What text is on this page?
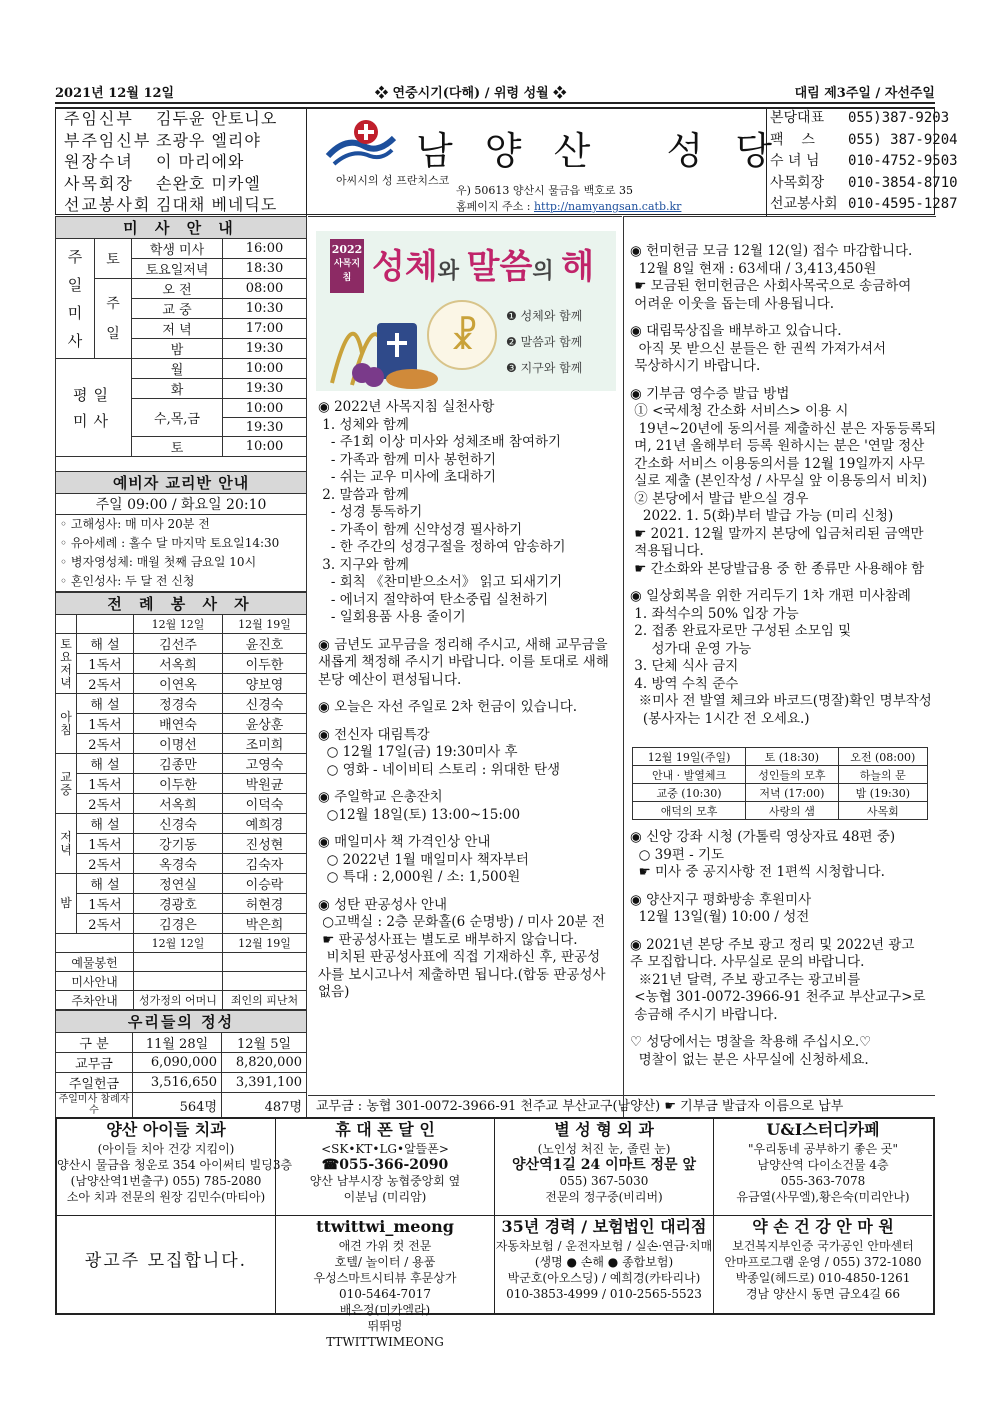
2021년 12월 12일	❖ 연중시기(다해) / 위령 성월 ❖	대림 제3주일 / 자선주일
주임신부 김두윤 안토니오
부주임신부 조광우 엘리야
원장수녀 이 마리에와
사목회장 손완호 미카엘
선교봉사회 김대채 베네딕도
남 양 산   성 당
아씨시의 성 프란치스코
우) 50613 양산시 물금읍 백호로 35
홈페이지 주소 : http://namyangsan.catb.kr
본당대표 055)387-9203
팩    스 055) 387-9204
수 녀 님 010-4752-9503
사목회장 010-3854-8710
선교봉사회 010-4595-1287
미 사 안 내			
주
일
미
사	토	학생 미사	16:00
		토요일저녁	18:30
	주
일	오 전	08:00
		교 중	10:30
		저 녁	17:00
		밤	19:30
평일
미사		월	10:00
		화	19:30
		수,목,금	10:00
			19:30
		토	10:00
예비자 교리반 안내
주일 09:00 / 화요일 20:10

◦ 고해성사: 매 미사 20분 전
◦ 유아세례 : 홀수 달 마지막 토요일14:30
◦ 병자영성체: 매월 첫째 금요일 10시
◦ 혼인성사: 두 달 전 신청
전 례 봉 사 자			
		12월 12일	12월 19일
토요저녁	해 설	김선주	윤진호
	1독서	서옥희	이두한
	2독서	이연옥	양보영
아침	해 설	정경숙	신경숙
	1독서	배연숙	윤상훈
	2독서	이명선	조미희
교중	해 설	김종만	고영숙
	1독서	이두한	박원균
	2독서	서옥희	이덕숙
저녁	해 설	신경숙	예희경
	1독서	강기동	진성현
	2독서	옥경숙	김숙자
밤	해 설	정연실	이승락
	1독서	경광호	허현경
	2독서	김경은	박은희
		12월 12일	12월 19일
예물봉헌			
미사안내			
주차안내		성가정의 어머니	죄인의 피난처
우리들의 정성		
구 분	11월 28일	12월 5일
교무금	6,090,000	8,820,000
주일헌금	3,516,650	3,391,100
주일미사 참례자수	564명	487명
2022
사목지침 성체와 말씀의 해
☧
❶ 성체와 함께
❷ 말씀과 함께
❸ 지구와 함께

◉ 2022년 사목지침 실천사항

1. 성체와 함께

- 주1회 이상 미사와 성체조배 참여하기

- 가족과 함께 미사 봉헌하기

- 쉬는 교우 미사에 초대하기

2. 말씀과 함께

- 성경 통독하기

- 가족이 함께 신약성경 필사하기

- 한 주간의 성경구절을 정하여 암송하기

3. 지구와 함께

- 회칙 《찬미받으소서》 읽고 되새기기

- 에너지 절약하여 탄소중립 실천하기

- 일회용품 사용 줄이기

◉ 금년도 교무금을 정리해 주시고, 새해 교무금을

새롭게 책정해 주시기 바랍니다. 이를 토대로 새해

본당 예산이 편성됩니다.

◉ 오늘은 자선 주일로 2차 헌금이 있습니다.

◉ 전신자 대림특강

○ 12월 17일(금) 19:30미사 후

○ 영화 - 네이비티 스토리 : 위대한 탄생

◉ 주일학교 은총잔치

○12월 18일(토) 13:00~15:00

◉ 매일미사 책 가격인상 안내

○ 2022년 1월 매일미사 책자부터

○ 특대 : 2,000원 / 소: 1,500원

◉ 성탄 판공성사 안내

○고백실 : 2층 문화홀(6 순명방) / 미사 20분 전

☛ 판공성사표는 별도로 배부하지 않습니다.

비치된 판공성사표에 직접 기재하신 후, 판공성

사를 보시고나서 제출하면 됩니다.(합동 판공성사

없음)

◉ 헌미헌금 모금 12월 12(일) 접수 마감합니다.

12월 8일 현재 : 63세대 / 3,413,450원

☛ 모금된 헌미헌금은 사회사목국으로 송금하여

어려운 이웃을 돕는데 사용됩니다.

◉ 대림묵상집을 배부하고 있습니다.

아직 못 받으신 분들은 한 권씩 가져가셔서

묵상하시기 바랍니다.

◉ 기부금 영수증 발급 방법

① <국세청 간소화 서비스> 이용 시

19년~20년에 동의서를 제출하신 분은 자동등록되

며, 21년 올해부터 등록 원하시는 분은 '연말 정산

간소화 서비스 이용동의서를 12월 19일까지 사무

실로 제출 (본인작성 / 사무실 앞 이용동의서 비치)

② 본당에서 발급 받으실 경우

2022. 1. 5(화)부터 발급 가능 (미리 신청)

☛ 2021. 12월 말까지 본당에 입금처리된 금액만

적용됩니다.

☛ 간소화와 본당발급용 중 한 종류만 사용해야 함

◉ 일상회복을 위한 거리두기 1차 개편 미사참례

1. 좌석수의 50% 입장 가능

2. 접종 완료자로만 구성된 소모임 및

성가대 운영 가능

3. 단체 식사 금지

4. 방역 수칙 준수

※미사 전 발열 체크와 바코드(명잘)확인 명부작성

(봉사자는 1시간 전 오세요.)

12월 19일(주일)	토 (18:30)	오전 (08:00)
안내 · 발열체크	성인들의 모후	하늘의 문
교중 (10:30)	저녁 (17:00)	밤 (19:30)
애덕의 모후	사랑의 샘	사목회

◉ 신앙 강좌 시청 (가톨릭 영상자료 48편 중)

○ 39편 - 기도

☛ 미사 중 공지사항 전 1편씩 시청합니다.

◉ 양산지구 평화방송 후원미사

12월 13일(월) 10:00 / 성전

◉ 2021년 본당 주보 광고 정리 및 2022년 광고

주 모집합니다. 사무실로 문의 바랍니다.

※21년 달력, 주보 광고주는 광고비를

<농협 301-0072-3966-91 천주교 부산교구>로

송금해 주시기 바랍니다.

♡ 성당에서는 명찰을 착용해 주십시오.♡

명찰이 없는 분은 사무실에 신청하세요.

교무금 : 농협 301-0072-3966-91 천주교 부산교구(남양산) ☛ 기부금 발급자 이름으로 납부
양산 아이들 치과
(아이들 치아 건강 지킴이)
양산시 물금읍 청운로 354 아이써티 빌딩3층
(남양산역1번출구) 055) 785-2080
소아 치과 전문의 원장 김민수(마티아)
휴 대 폰 달 인
<SK•KT•LG•알뜰폰>
☎055-366-2090
양산 남부시장 농협중앙회 옆
이분님 (미리암)
별 성 형 외 과
(노인성 처진 눈, 졸린 눈)
양산역1길 24 이마트 정문 앞
055) 367-5030
전문의 정구중(비리버)
U&I스터디카페
"우리동네 공부하기 좋은 곳"
남양산역 다이소건물 4층
055-363-7078
유금열(사무엘),황은숙(미리안나)
광고주 모집합니다.
ttwittwi_meong
애견 가위 컷 전문
호텔/ 놀이터 / 용품
우성스마트시티뷰 후문상가
010-5464-7017
배은정(미카엘라)
뛰뛰멍
TTWITTWIMEONG
35년 경력 / 보험법인 대리점
자동차보험 / 운전자보험 / 실손·연금·치매
(생명 ● 손해 ● 종합보험)
박군호(아오스딩) / 예희경(카타리나)
010-3853-4999 / 010-2565-5523
약 손 건 강 안 마 원
보건복지부인증 국가공인 안마센터
안마프로그램 운영 / 055) 372-1080
박종일(헤드로) 010-4850-1261
경남 양산시 동면 금오4길 66
